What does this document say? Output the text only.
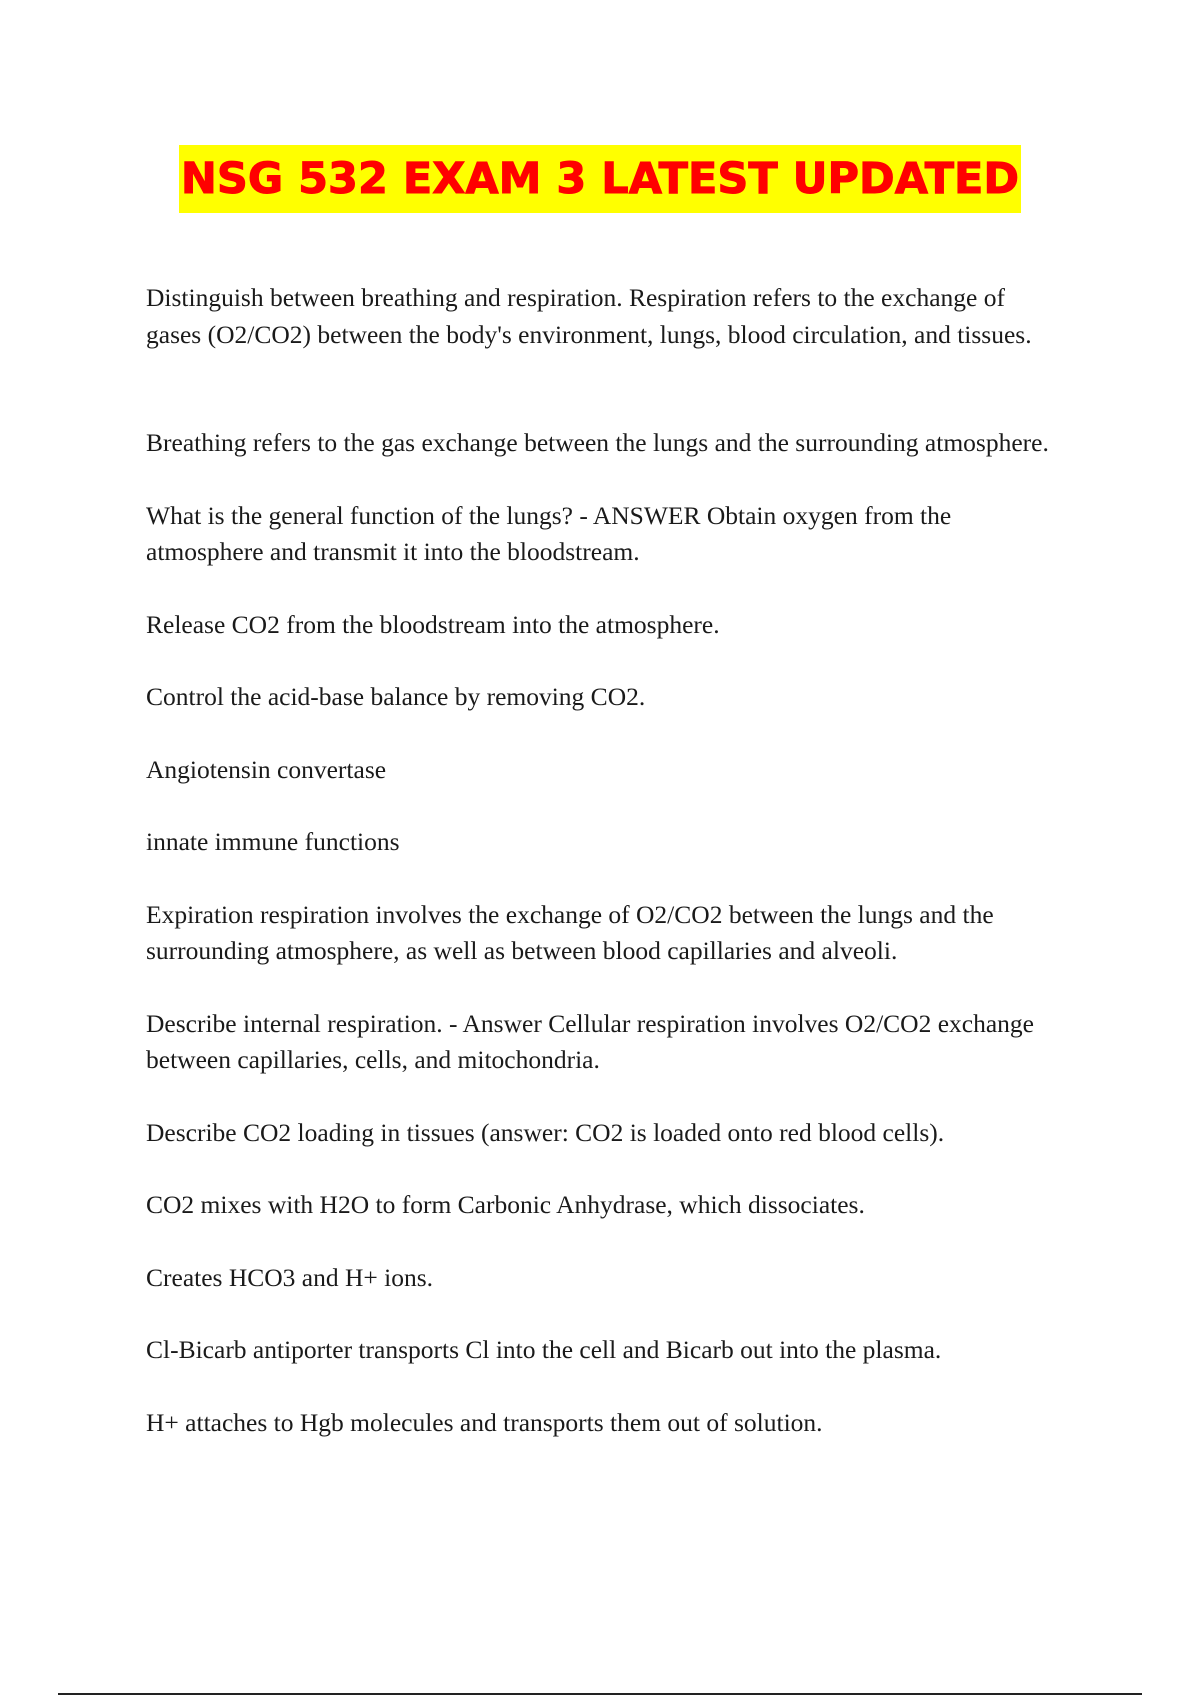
NSG 532 EXAM 3 LATEST UPDATED

Distinguish between breathing and respiration. Respiration refers to the exchange of gases (O2/CO2) between the body's environment, lungs, blood circulation, and tissues.

Breathing refers to the gas exchange between the lungs and the surrounding atmosphere.

What is the general function of the lungs? - ANSWER Obtain oxygen from the atmosphere and transmit it into the bloodstream.

Release CO2 from the bloodstream into the atmosphere.

Control the acid-base balance by removing CO2.

Angiotensin convertase

innate immune functions

Expiration respiration involves the exchange of O2/CO2 between the lungs and the surrounding atmosphere, as well as between blood capillaries and alveoli.

Describe internal respiration. - Answer Cellular respiration involves O2/CO2 exchange between capillaries, cells, and mitochondria.

Describe CO2 loading in tissues (answer: CO2 is loaded onto red blood cells).

CO2 mixes with H2O to form Carbonic Anhydrase, which dissociates.

Creates HCO3 and H+ ions.

Cl-Bicarb antiporter transports Cl into the cell and Bicarb out into the plasma.

H+ attaches to Hgb molecules and transports them out of solution.
